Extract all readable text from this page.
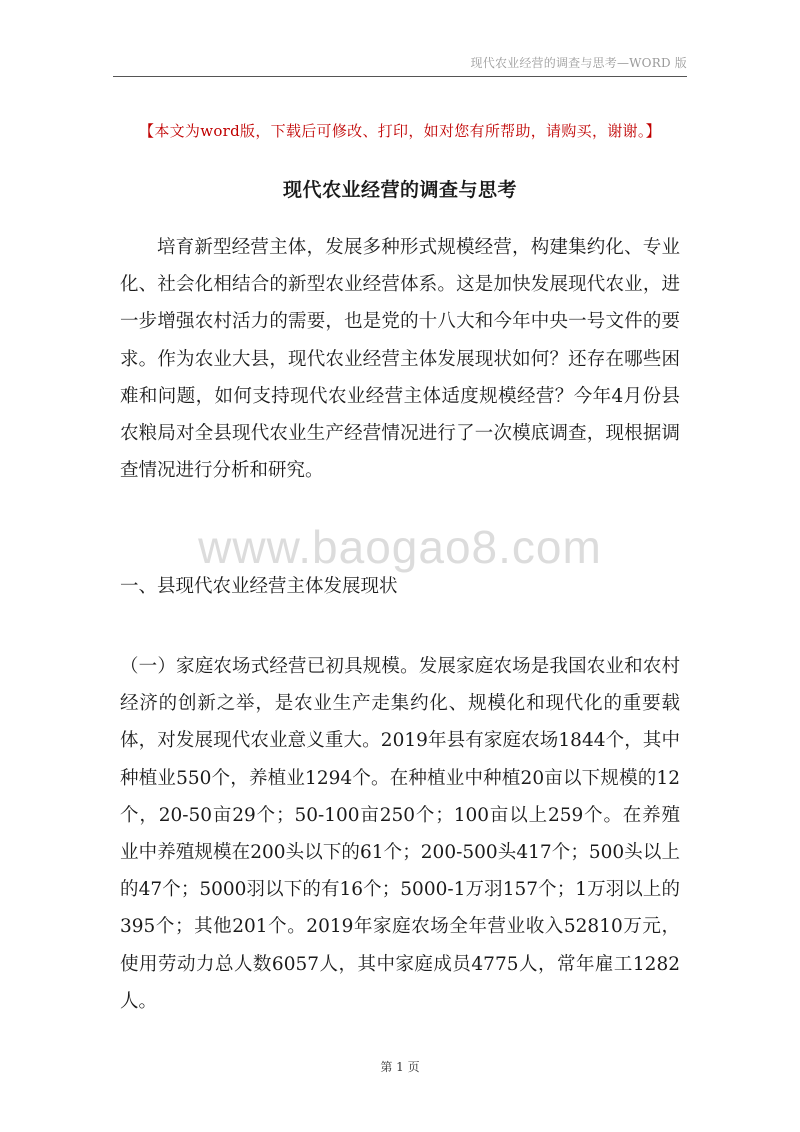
现代农业经营的调查与思考—WORD 版
【本文为word版，下载后可修改、打印，如对您有所帮助，请购买，谢谢。】
现代农业经营的调查与思考

培育新型经营主体，发展多种形式规模经营，构建集约化、专业化、社会化相结合的新型农业经营体系。这是加快发展现代农业，进一步增强农村活力的需要，也是党的十八大和今年中央一号文件的要求。作为农业大县，现代农业经营主体发展现状如何？还存在哪些困难和问题，如何支持现代农业经营主体适度规模经营？今年4月份县农粮局对全县现代农业生产经营情况进行了一次模底调查，现根据调查情况进行分析和研究。

www.baogao8.com
一、县现代农业经营主体发展现状

（一）家庭农场式经营已初具规模。发展家庭农场是我国农业和农村经济的创新之举，是农业生产走集约化、规模化和现代化的重要载体，对发展现代农业意义重大。2019年县有家庭农场1844个，其中种植业550个，养植业1294个。在种植业中种植20亩以下规模的12个，20-50亩29个；50-100亩250个；100亩以上259个。在养殖业中养殖规模在200头以下的61个；200-500头417个；500头以上的47个；5000羽以下的有16个；5000-1万羽157个；1万羽以上的395个；其他201个。2019年家庭农场全年营业收入52810万元，使用劳动力总人数6057人，其中家庭成员4775人，常年雇工1282人。

第 1 页
